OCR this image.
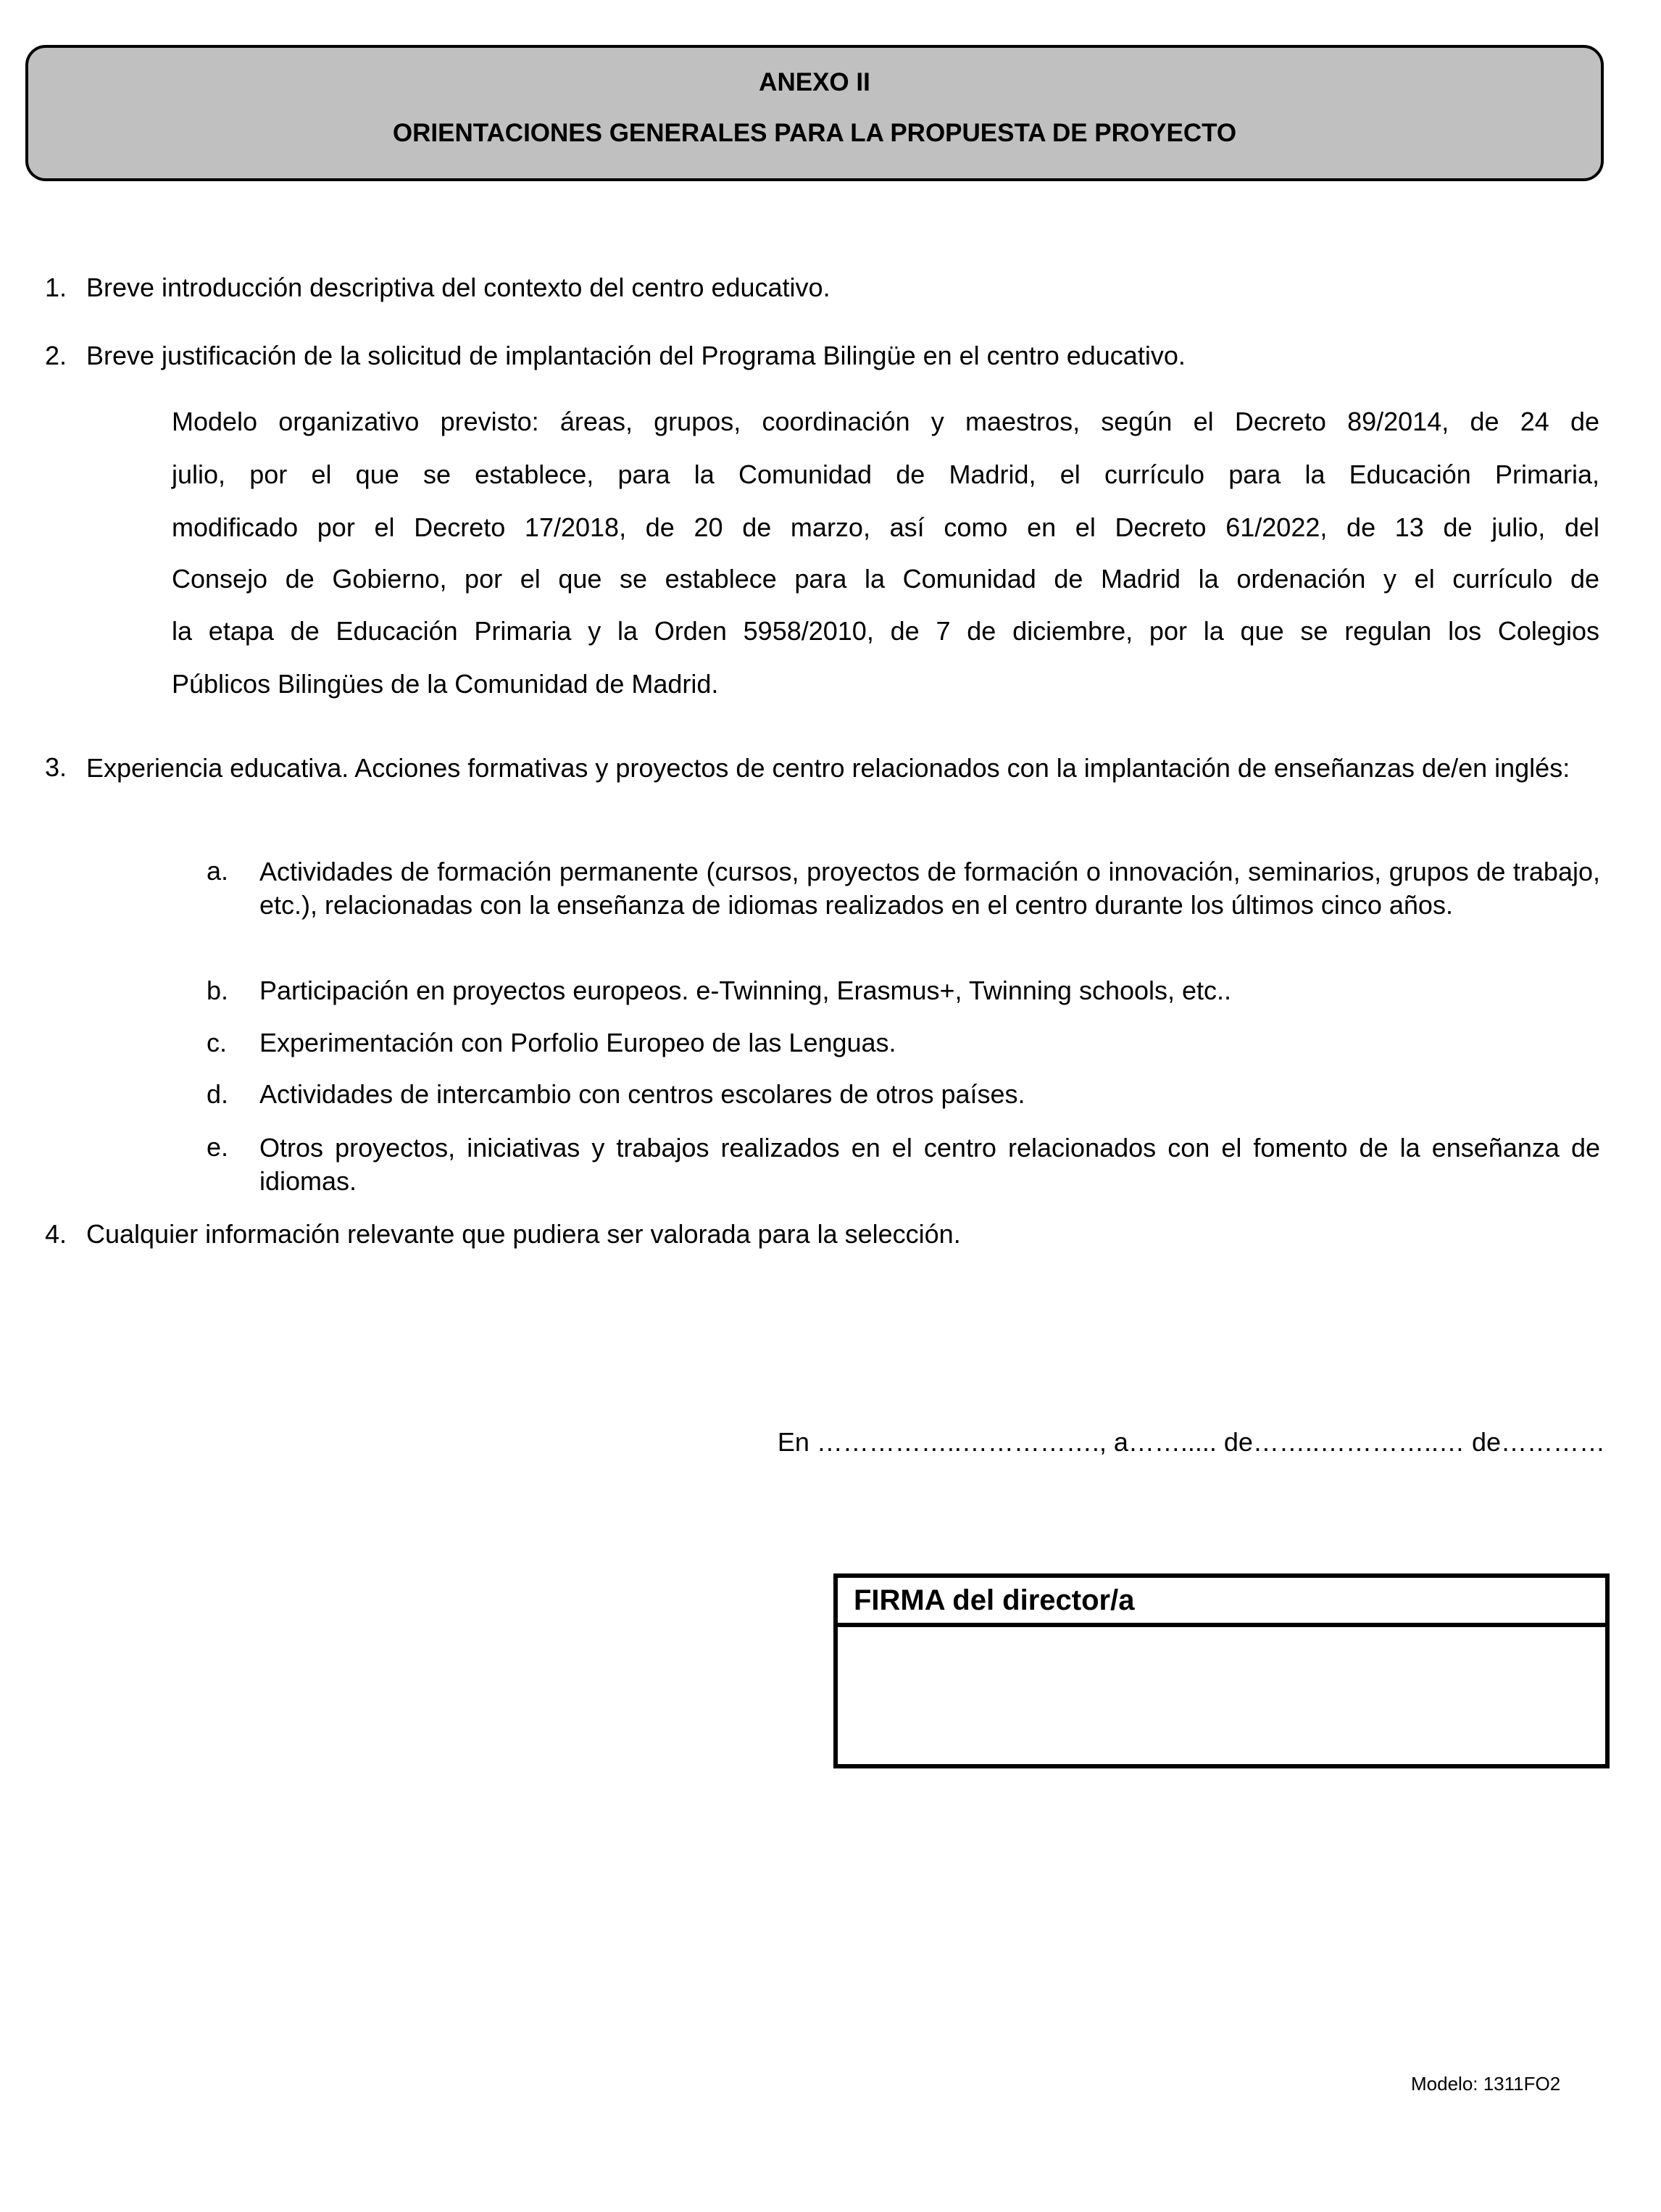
ANEXO II
ORIENTACIONES GENERALES PARA LA PROPUESTA DE PROYECTO
1. Breve introducción descriptiva del contexto del centro educativo.
2. Breve justificación de la solicitud de implantación del Programa Bilingüe en el centro educativo.
Modelo organizativo previsto: áreas, grupos, coordinación y maestros, según el Decreto 89/2014, de 24 de
julio, por el que se establece, para la Comunidad de Madrid, el currículo para la Educación Primaria,
modificado por el Decreto 17/2018, de 20 de marzo, así como en el Decreto 61/2022, de 13 de julio, del
Consejo de Gobierno, por el que se establece para la Comunidad de Madrid la ordenación y el currículo de
la etapa de Educación Primaria y la Orden 5958/2010, de 7 de diciembre, por la que se regulan los Colegios
Públicos Bilingües de la Comunidad de Madrid.
3. Experiencia educativa. Acciones formativas y proyectos de centro relacionados con la implantación de enseñanzas de/en inglés:
a. Actividades de formación permanente (cursos, proyectos de formación o innovación, seminarios, grupos de trabajo, etc.), relacionadas con la enseñanza de idiomas realizados en el centro durante los últimos cinco años.
b. Participación en proyectos europeos. e-Twinning, Erasmus+, Twinning schools, etc..
c. Experimentación con Porfolio Europeo de las Lenguas.
d. Actividades de intercambio con centros escolares de otros países.
e. Otros proyectos, iniciativas y trabajos realizados en el centro relacionados con el fomento de la enseñanza de idiomas.
4. Cualquier información relevante que pudiera ser valorada para la selección.
En ……………..……………., a……..... de……..…………..… de…………
FIRMA del director/a
Modelo: 1311FO2
